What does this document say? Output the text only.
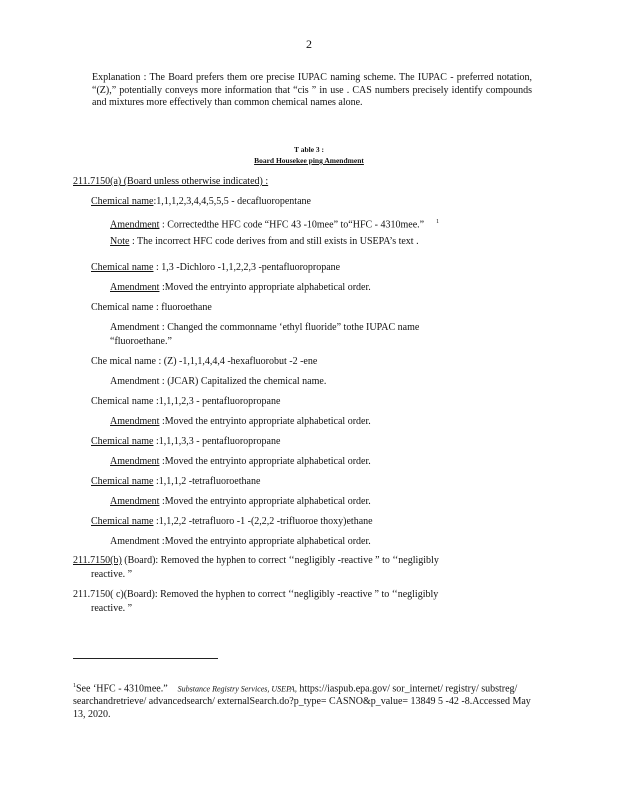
2
Explanation : The Board prefers them ore precise IUPAC naming scheme. The IUPAC - preferred notation, “(Z),” potentially conveys more information that “cis ” in use . CAS numbers precisely identify compounds and mixtures more effectively than common chemical names alone.
T able 3 :
Board Housekee ping Amendment
211.7150(a) (Board unless otherwise indicated) :
Chemical name:1,1,1,2,3,4,4,5,5,5 - decafluoropentane
Amendment : Correctedthe HFC code “HFC 43 -10mee” to“HFC - 4310mee.” $^1$
Note : The incorrect HFC code derives from and still exists in USEPA’s text .
Chemical name : 1,3 -Dichloro -1,1,2,2,3 -pentafluoropropane
Amendment :Moved the entryinto appropriate alphabetical order.
Chemical name : fluoroethane
Amendment : Changed the commonname ‘ethyl fluoride” tothe IUPAC name
“fluoroethane.”
Che mical name : (Z) -1,1,1,4,4,4 -hexafluorobut -2 -ene
Amendment : (JCAR) Capitalized the chemical name.
Chemical name :1,1,1,2,3 - pentafluoropropane
Amendment :Moved the entryinto appropriate alphabetical order.
Chemical name :1,1,1,3,3 - pentafluoropropane
Amendment :Moved the entryinto appropriate alphabetical order.
Chemical name :1,1,1,2 -tetrafluoroethane
Amendment :Moved the entryinto appropriate alphabetical order.
Chemical name :1,1,2,2 -tetrafluoro -1 -(2,2,2 -trifluoroe thoxy)ethane
Amendment :Moved the entryinto appropriate alphabetical order.
211.7150(b) (Board): Removed the hyphen to correct ‘‘negligibly -reactive ” to ‘‘negligibly
reactive. ”
211.7150( c)(Board): Removed the hyphen to correct ‘‘negligibly -reactive ” to ‘‘negligibly
reactive. ”
$^1$See ‘HFC - 4310mee.” Substance Registry Services, USEPA, https://iaspub.epa.gov/ sor_internet/ registry/ substreg/ searchandretrieve/ advancedsearch/ externalSearch.do?p_type= CASNO&p_value= 13849 5 -42 -8.Accessed May 13, 2020.
